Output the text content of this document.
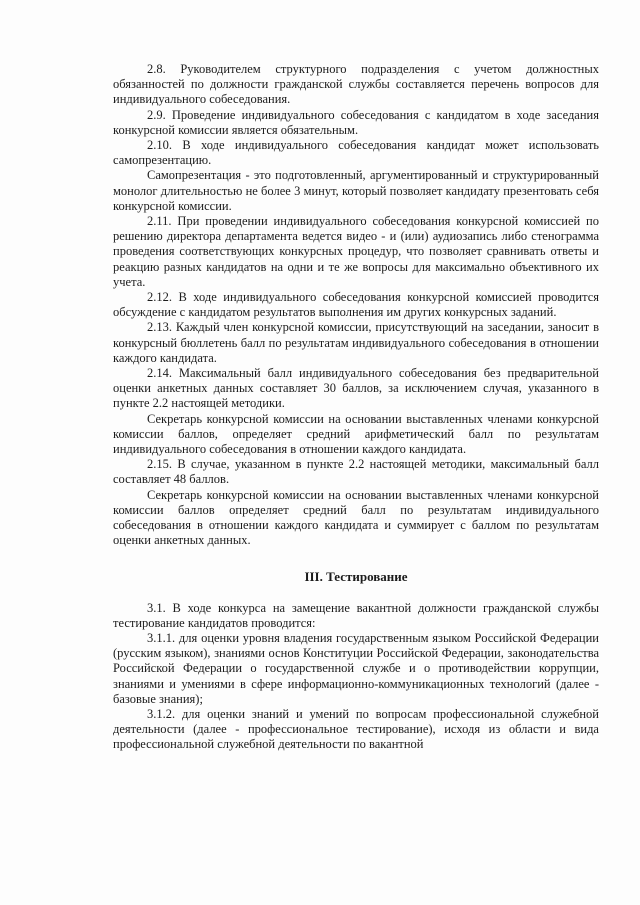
2.8. Руководителем структурного подразделения с учетом должностных обязанностей по должности гражданской службы составляется перечень вопросов для индивидуального собеседования.

2.9. Проведение индивидуального собеседования с кандидатом в ходе заседания конкурсной комиссии является обязательным.

2.10. В ходе индивидуального собеседования кандидат может использовать самопрезентацию.

Самопрезентация - это подготовленный, аргументированный и структурированный монолог длительностью не более 3 минут, который позволяет кандидату презентовать себя конкурсной комиссии.

2.11. При проведении индивидуального собеседования конкурсной комиссией по решению директора департамента ведется видео - и (или) аудиозапись либо стенограмма проведения соответствующих конкурсных процедур, что позволяет сравнивать ответы и реакцию разных кандидатов на одни и те же вопросы для максимально объективного их учета.

2.12. В ходе индивидуального собеседования конкурсной комиссией проводится обсуждение с кандидатом результатов выполнения им других конкурсных заданий.

2.13. Каждый член конкурсной комиссии, присутствующий на заседании, заносит в конкурсный бюллетень балл по результатам индивидуального собеседования в отношении каждого кандидата.

2.14. Максимальный балл индивидуального собеседования без предварительной оценки анкетных данных составляет 30 баллов, за исключением случая, указанного в пункте 2.2 настоящей методики.

Секретарь конкурсной комиссии на основании выставленных членами конкурсной комиссии баллов, определяет средний арифметический балл по результатам индивидуального собеседования в отношении каждого кандидата.

2.15. В случае, указанном в пункте 2.2 настоящей методики, максимальный балл составляет 48 баллов.

Секретарь конкурсной комиссии на основании выставленных членами конкурсной комиссии баллов определяет средний балл по результатам индивидуального собеседования в отношении каждого кандидата и суммирует с баллом по результатам оценки анкетных данных.

III. Тестирование

3.1. В ходе конкурса на замещение вакантной должности гражданской службы тестирование кандидатов проводится:

3.1.1. для оценки уровня владения государственным языком Российской Федерации (русским языком), знаниями основ Конституции Российской Федерации, законодательства Российской Федерации о государственной службе и о противодействии коррупции, знаниями и умениями в сфере информационно-коммуникационных технологий (далее - базовые знания);

3.1.2. для оценки знаний и умений по вопросам профессиональной служебной деятельности (далее - профессиональное тестирование), исходя из области и вида профессиональной служебной деятельности по вакантной
